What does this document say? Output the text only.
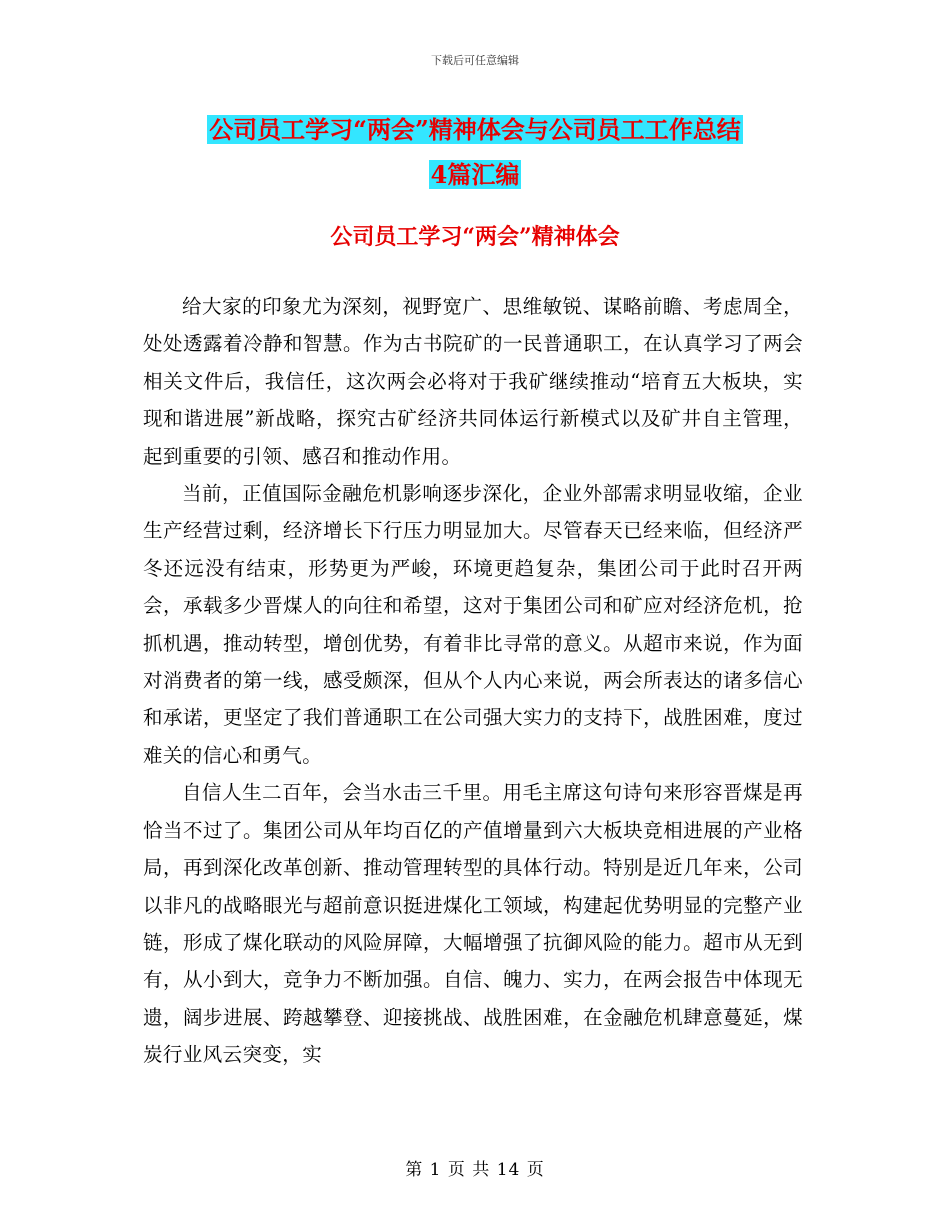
下载后可任意编辑
公司员工学习“两会”精神体会与公司员工工作总结
4篇汇编
公司员工学习“两会”精神体会

给大家的印象尤为深刻，视野宽广、思维敏锐、谋略前瞻、考虑周全，处处透露着冷静和智慧。作为古书院矿的一民普通职工，在认真学习了两会相关文件后，我信任，这次两会必将对于我矿继续推动“培育五大板块，实现和谐进展”新战略，探究古矿经济共同体运行新模式以及矿井自主管理，起到重要的引领、感召和推动作用。

当前，正值国际金融危机影响逐步深化，企业外部需求明显收缩，企业生产经营过剩，经济增长下行压力明显加大。尽管春天已经来临，但经济严冬还远没有结束，形势更为严峻，环境更趋复杂，集团公司于此时召开两会，承载多少晋煤人的向往和希望，这对于集团公司和矿应对经济危机，抢抓机遇，推动转型，增创优势，有着非比寻常的意义。从超市来说，作为面对消费者的第一线，感受颇深，但从个人内心来说，两会所表达的诸多信心和承诺，更坚定了我们普通职工在公司强大实力的支持下，战胜困难，度过难关的信心和勇气。

自信人生二百年，会当水击三千里。用毛主席这句诗句来形容晋煤是再恰当不过了。集团公司从年均百亿的产值增量到六大板块竞相进展的产业格局，再到深化改革创新、推动管理转型的具体行动。特别是近几年来，公司以非凡的战略眼光与超前意识挺进煤化工领域，构建起优势明显的完整产业链，形成了煤化联动的风险屏障，大幅增强了抗御风险的能力。超市从无到有，从小到大，竞争力不断加强。自信、魄力、实力，在两会报告中体现无遗，阔步进展、跨越攀登、迎接挑战、战胜困难，在金融危机肆意蔓延，煤炭行业风云突变，实

第 1 页 共 14 页
